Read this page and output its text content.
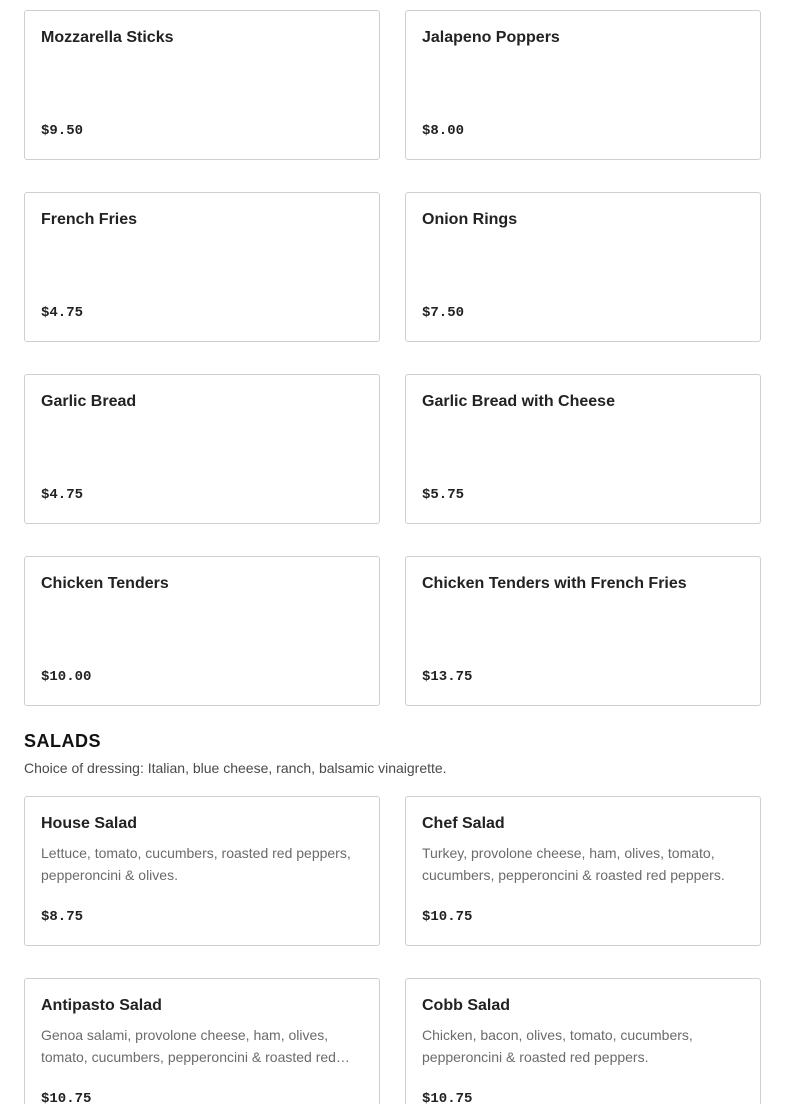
Mozzarella Sticks
$9.50
Jalapeno Poppers
$8.00
French Fries
$4.75
Onion Rings
$7.50
Garlic Bread
$4.75
Garlic Bread with Cheese
$5.75
Chicken Tenders
$10.00
Chicken Tenders with French Fries
$13.75
SALADS
Choice of dressing: Italian, blue cheese, ranch, balsamic vinaigrette.
House Salad
Lettuce, tomato, cucumbers, roasted red peppers, pepperoncini & olives.
$8.75
Chef Salad
Turkey, provolone cheese, ham, olives, tomato, cucumbers, pepperoncini & roasted red peppers.
$10.75
Antipasto Salad
Genoa salami, provolone cheese, ham, olives, tomato, cucumbers, pepperoncini & roasted red…
$10.75
Cobb Salad
Chicken, bacon, olives, tomato, cucumbers, pepperoncini & roasted red peppers.
$10.75
